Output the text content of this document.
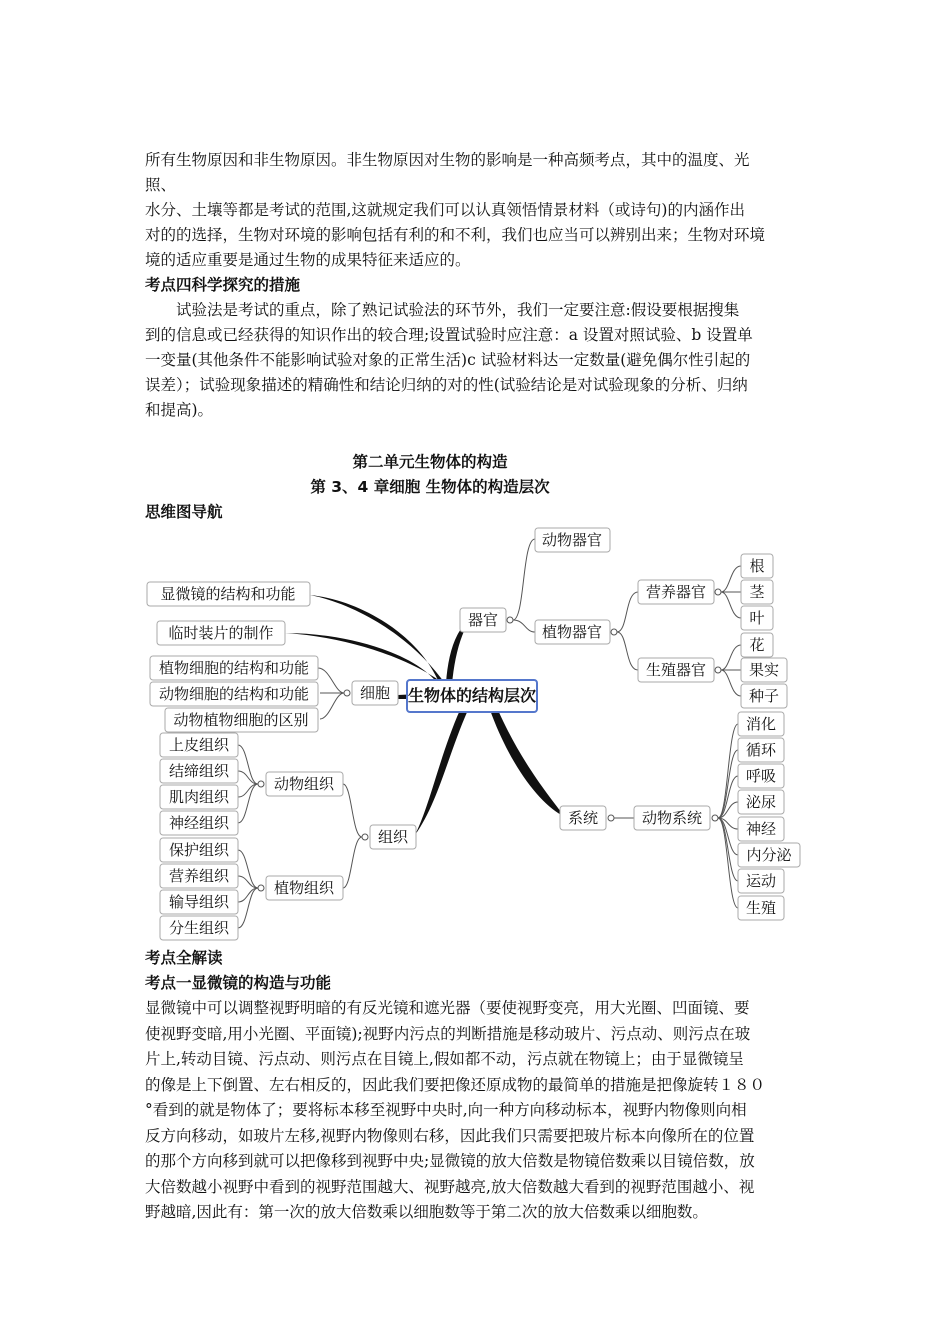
所有生物原因和非生物原因。非生物原因对生物的影响是一种高频考点，其中的温度、光
照、
水分、土壤等都是考试的范围,这就规定我们可以认真领悟情景材料（或诗句)的内涵作出
对的的选择，生物对环境的影响包括有利的和不利，我们也应当可以辨别出来；生物对环境
境的适应重要是通过生物的成果特征来适应的。
考点四科学探究的措施
　　试验法是考试的重点，除了熟记试验法的环节外，我们一定要注意:假设要根据搜集
到的信息或已经获得的知识作出的较合理;设置试验时应注意：a 设置对照试验、b 设置单
一变量(其他条件不能影响试验对象的正常生活)c 试验材料达一定数量(避免偶尔性引起的
误差）；试验现象描述的精确性和结论归纳的对的性(试验结论是对试验现象的分析、归纳
和提高)。
第二单元生物体的构造
第 3、4 章细胞 生物体的构造层次
思维图导航
生物体的结构层次
显微镜的结构和功能
临时装片的制作
细胞
植物细胞的结构和功能
动物细胞的结构和功能
动物植物细胞的区别
器官
动物器官
植物器官
营养器官
生殖器官
根
茎
叶
花
果实
种子
组织
动物组织
植物组织
上皮组织
结缔组织
肌肉组织
神经组织
保护组织
营养组织
输导组织
分生组织
系统	动物系统
消化
循环
呼吸
泌尿
神经
内分泌
运动
生殖
考点全解读
考点一显微镜的构造与功能
显微镜中可以调整视野明暗的有反光镜和遮光器（要使视野变亮，用大光圈、凹面镜、要
使视野变暗,用小光圈、平面镜);视野内污点的判断措施是移动玻片、污点动、则污点在玻
片上,转动目镜、污点动、则污点在目镜上,假如都不动，污点就在物镜上；由于显微镜呈
的像是上下倒置、左右相反的，因此我们要把像还原成物的最简单的措施是把像旋转１８０
°看到的就是物体了；要将标本移至视野中央时,向一种方向移动标本，视野内物像则向相
反方向移动，如玻片左移,视野内物像则右移，因此我们只需要把玻片标本向像所在的位置
的那个方向移到就可以把像移到视野中央;显微镜的放大倍数是物镜倍数乘以目镜倍数，放
大倍数越小视野中看到的视野范围越大、视野越亮,放大倍数越大看到的视野范围越小、视
野越暗,因此有：第一次的放大倍数乘以细胞数等于第二次的放大倍数乘以细胞数。
